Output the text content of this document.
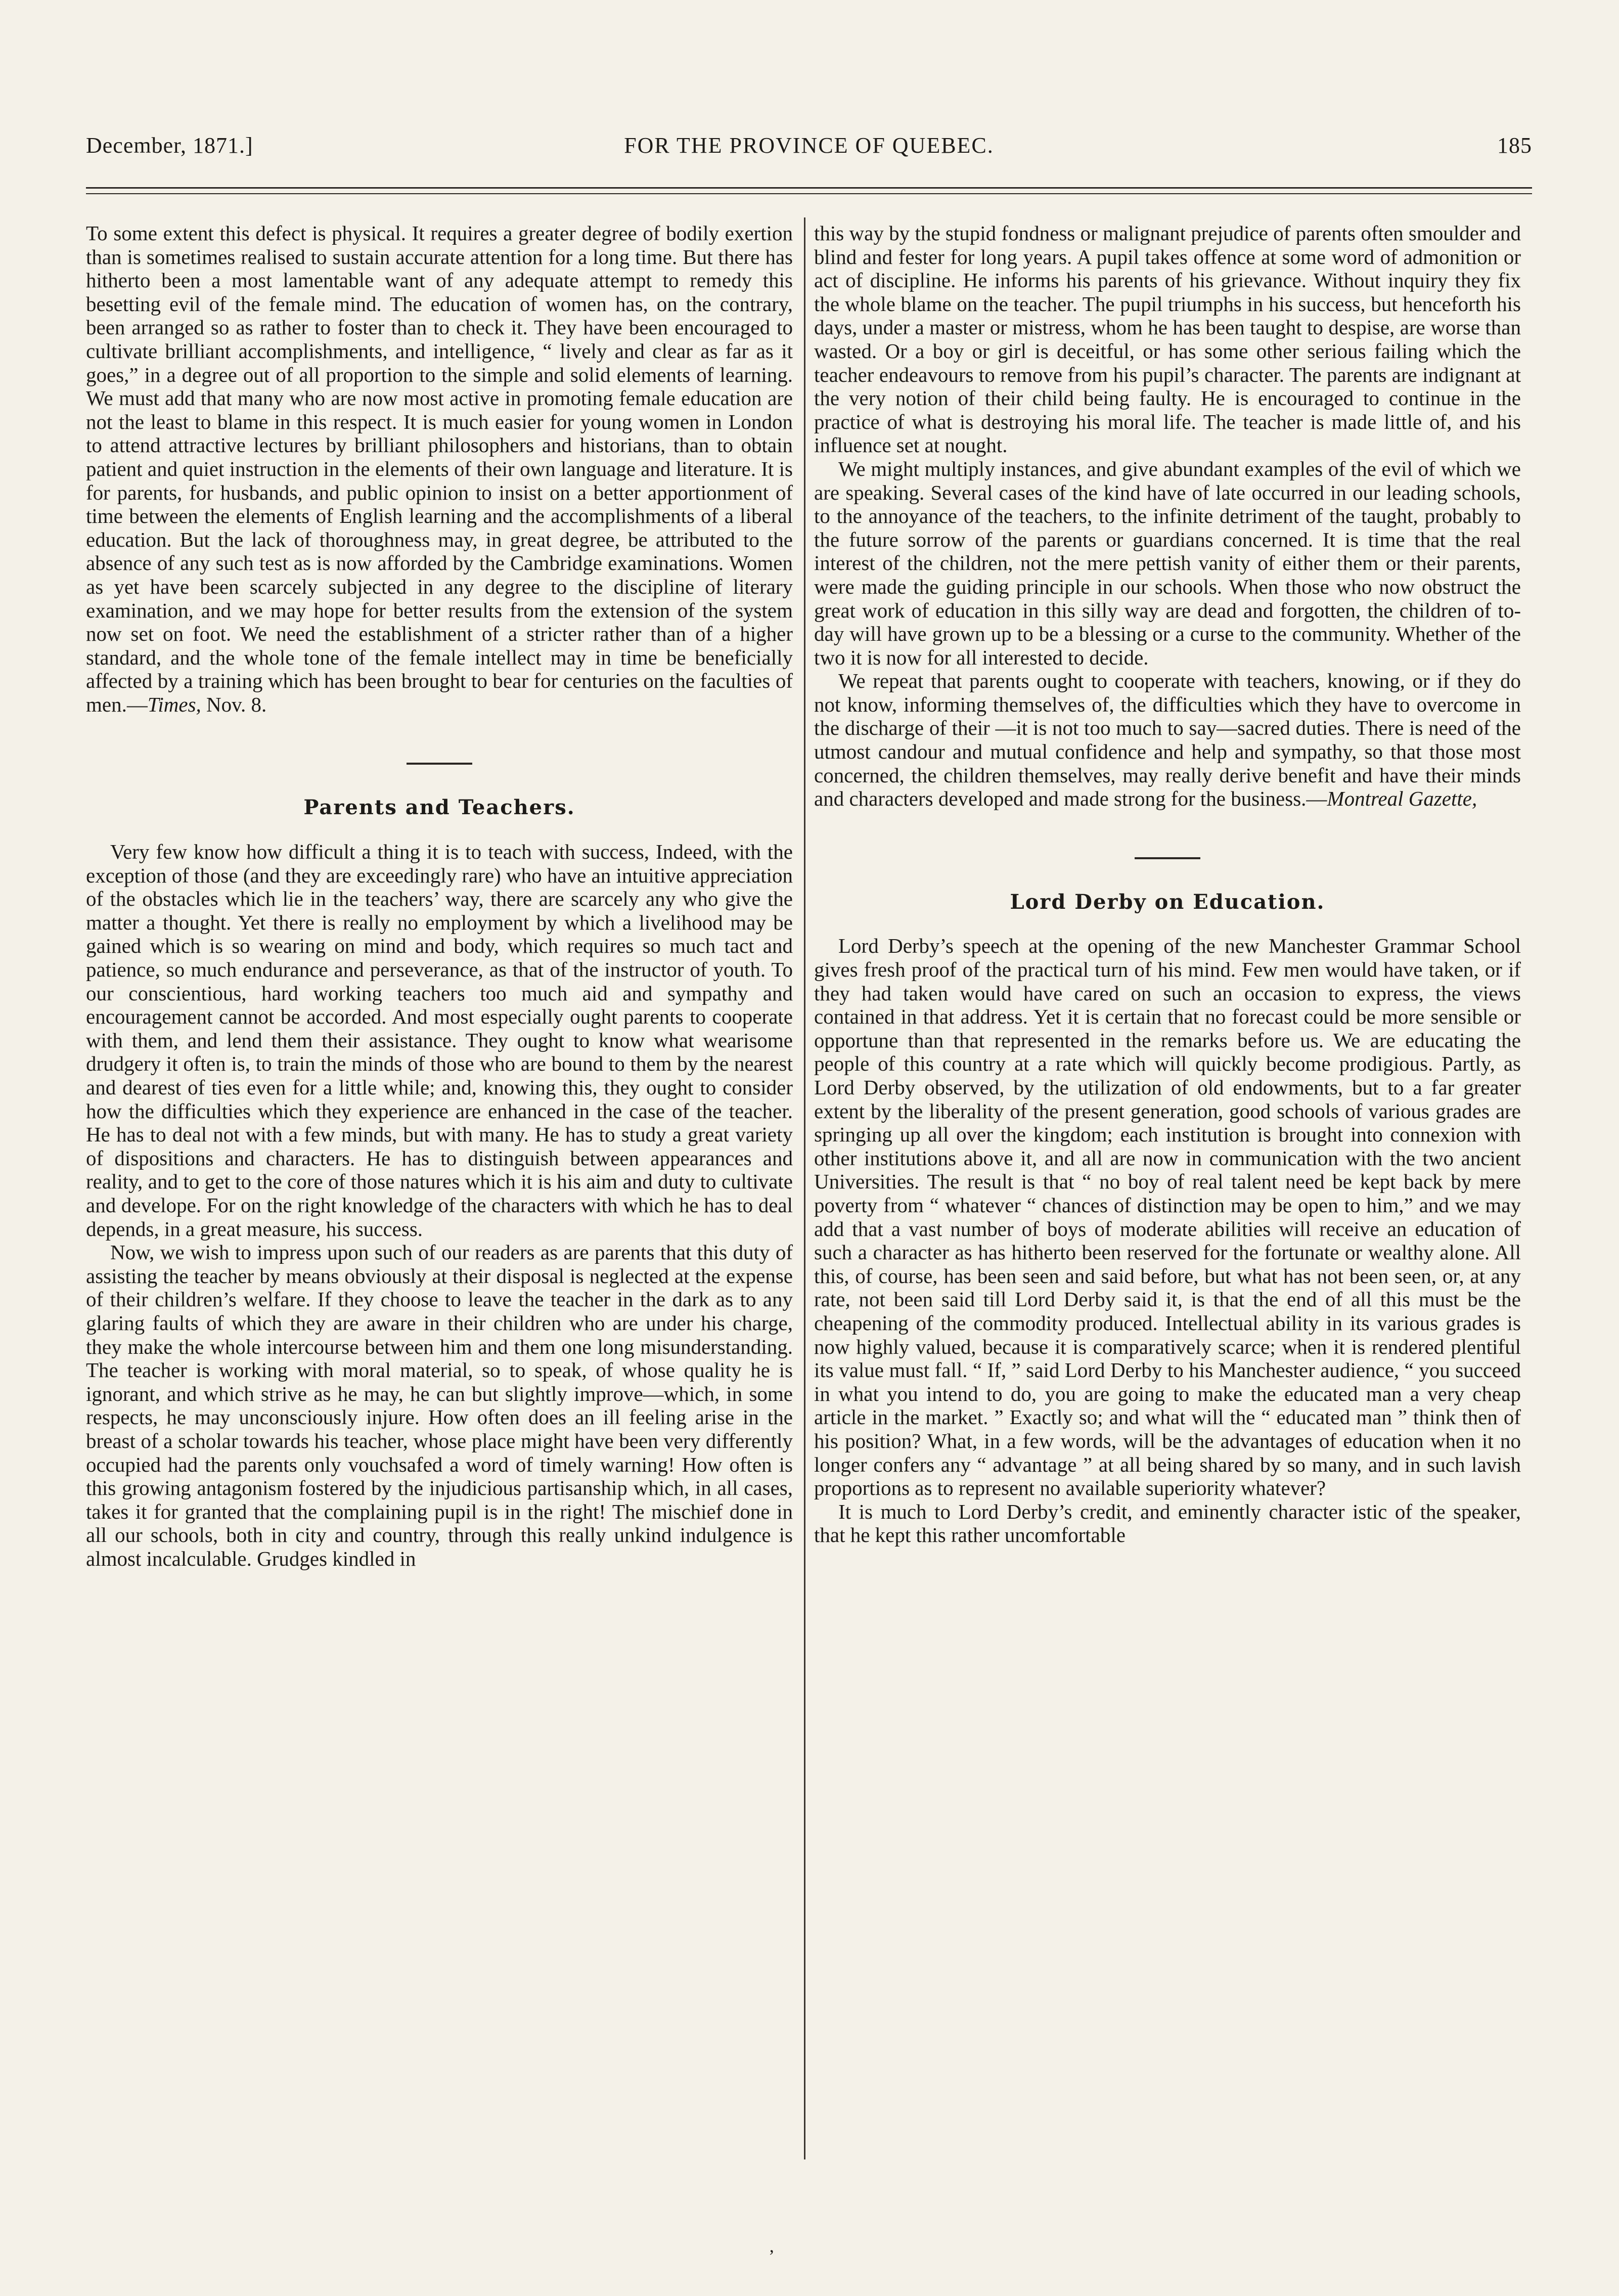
December, 1871.]	FOR THE PROVINCE OF QUEBEC.	185

To some extent this defect is physical. It requires a greater degree of bodily exertion than is sometimes realised to sustain accurate attention for a long time. But there has hitherto been a most lamentable want of any adequate attempt to remedy this besetting evil of the female mind. The education of women has, on the contrary, been arranged so as rather to foster than to check it. They have been encouraged to cultivate brilliant accomplishments, and intelligence, “ lively and clear as far as it goes,” in a degree out of all proportion to the simple and solid elements of learning. We must add that many who are now most active in promoting female education are not the least to blame in this respect. It is much easier for young women in London to attend attractive lectures by brilliant philosophers and historians, than to obtain patient and quiet instruction in the elements of their own language and literature. It is for parents, for husbands, and public opinion to insist on a better apportionment of time between the elements of English learning and the accomplishments of a liberal education. But the lack of thoroughness may, in great degree, be attributed to the absence of any such test as is now afforded by the Cambridge examinations. Women as yet have been scarcely subjected in any degree to the discipline of literary examination, and we may hope for better results from the extension of the system now set on foot. We need the establishment of a stricter rather than of a higher standard, and the whole tone of the female intellect may in time be beneficially affected by a training which has been brought to bear for centuries on the faculties of men.—Times, Nov. 8.

Parents and Teachers.

Very few know how difficult a thing it is to teach with success, Indeed, with the exception of those (and they are exceedingly rare) who have an intuitive appreciation of the obstacles which lie in the teachers’ way, there are scarcely any who give the matter a thought. Yet there is really no employment by which a livelihood may be gained which is so wearing on mind and body, which requires so much tact and patience, so much endurance and perseverance, as that of the instructor of youth. To our conscientious, hard working teachers too much aid and sympathy and encouragement cannot be accorded. And most especially ought parents to cooperate with them, and lend them their assistance. They ought to know what wearisome drudgery it often is, to train the minds of those who are bound to them by the nearest and dearest of ties even for a little while; and, knowing this, they ought to consider how the difficulties which they experience are enhanced in the case of the teacher. He has to deal not with a few minds, but with many. He has to study a great variety of dispositions and characters. He has to distinguish between appearances and reality, and to get to the core of those natures which it is his aim and duty to cultivate and develope. For on the right knowledge of the characters with which he has to deal depends, in a great measure, his success.

Now, we wish to impress upon such of our readers as are parents that this duty of assisting the teacher by means obviously at their disposal is neglected at the expense of their children’s welfare. If they choose to leave the teacher in the dark as to any glaring faults of which they are aware in their children who are under his charge, they make the whole intercourse between him and them one long misunderstanding. The teacher is working with moral material, so to speak, of whose quality he is ignorant, and which strive as he may, he can but slightly improve—which, in some respects, he may unconsciously injure. How often does an ill feeling arise in the breast of a scholar towards his teacher, whose place might have been very differently occupied had the parents only vouchsafed a word of timely warning! How often is this growing antagonism fostered by the injudicious partisanship which, in all cases, takes it for granted that the complaining pupil is in the right! The mischief done in all our schools, both in city and country, through this really unkind indulgence is almost incalculable. Grudges kindled in

this way by the stupid fondness or malignant prejudice of parents often smoulder and blind and fester for long years. A pupil takes offence at some word of admonition or act of discipline. He informs his parents of his grievance. Without inquiry they fix the whole blame on the teacher. The pupil triumphs in his success, but henceforth his days, under a master or mistress, whom he has been taught to despise, are worse than wasted. Or a boy or girl is deceitful, or has some other serious failing which the teacher endeavours to remove from his pupil’s character. The parents are indignant at the very notion of their child being faulty. He is encouraged to continue in the practice of what is destroying his moral life. The teacher is made little of, and his influence set at nought.

We might multiply instances, and give abundant examples of the evil of which we are speaking. Several cases of the kind have of late occurred in our leading schools, to the annoyance of the teachers, to the infinite detriment of the taught, probably to the future sorrow of the parents or guardians concerned. It is time that the real interest of the children, not the mere pettish vanity of either them or their parents, were made the guiding principle in our schools. When those who now obstruct the great work of education in this silly way are dead and forgotten, the children of to-day will have grown up to be a blessing or a curse to the community. Whether of the two it is now for all interested to decide.

We repeat that parents ought to cooperate with teachers, knowing, or if they do not know, informing themselves of, the difficulties which they have to overcome in the discharge of their —it is not too much to say—sacred duties. There is need of the utmost candour and mutual confidence and help and sympathy, so that those most concerned, the children themselves, may really derive benefit and have their minds and characters developed and made strong for the business.—Montreal Gazette,

Lord Derby on Education.

Lord Derby’s speech at the opening of the new Manchester Grammar School gives fresh proof of the practical turn of his mind. Few men would have taken, or if they had taken would have cared on such an occasion to express, the views contained in that address. Yet it is certain that no forecast could be more sensible or opportune than that represented in the remarks before us. We are educating the people of this country at a rate which will quickly become prodigious. Partly, as Lord Derby observed, by the utilization of old endowments, but to a far greater extent by the liberality of the present generation, good schools of various grades are springing up all over the kingdom; each institution is brought into connexion with other institutions above it, and all are now in communication with the two ancient Universities. The result is that “ no boy of real talent need be kept back by mere poverty from “ whatever “ chances of distinction may be open to him,” and we may add that a vast number of boys of moderate abilities will receive an education of such a character as has hitherto been reserved for the fortunate or wealthy alone. All this, of course, has been seen and said before, but what has not been seen, or, at any rate, not been said till Lord Derby said it, is that the end of all this must be the cheapening of the commodity produced. Intellectual ability in its various grades is now highly valued, because it is comparatively scarce; when it is rendered plentiful its value must fall. “ If, ” said Lord Derby to his Manchester audience, “ you succeed in what you intend to do, you are going to make the educated man a very cheap article in the market. ” Exactly so; and what will the “ educated man ” think then of his position? What, in a few words, will be the advantages of education when it no longer confers any “ advantage ” at all being shared by so many, and in such lavish proportions as to represent no available superiority whatever?

It is much to Lord Derby’s credit, and eminently character istic of the speaker, that he kept this rather uncomfortable

’
